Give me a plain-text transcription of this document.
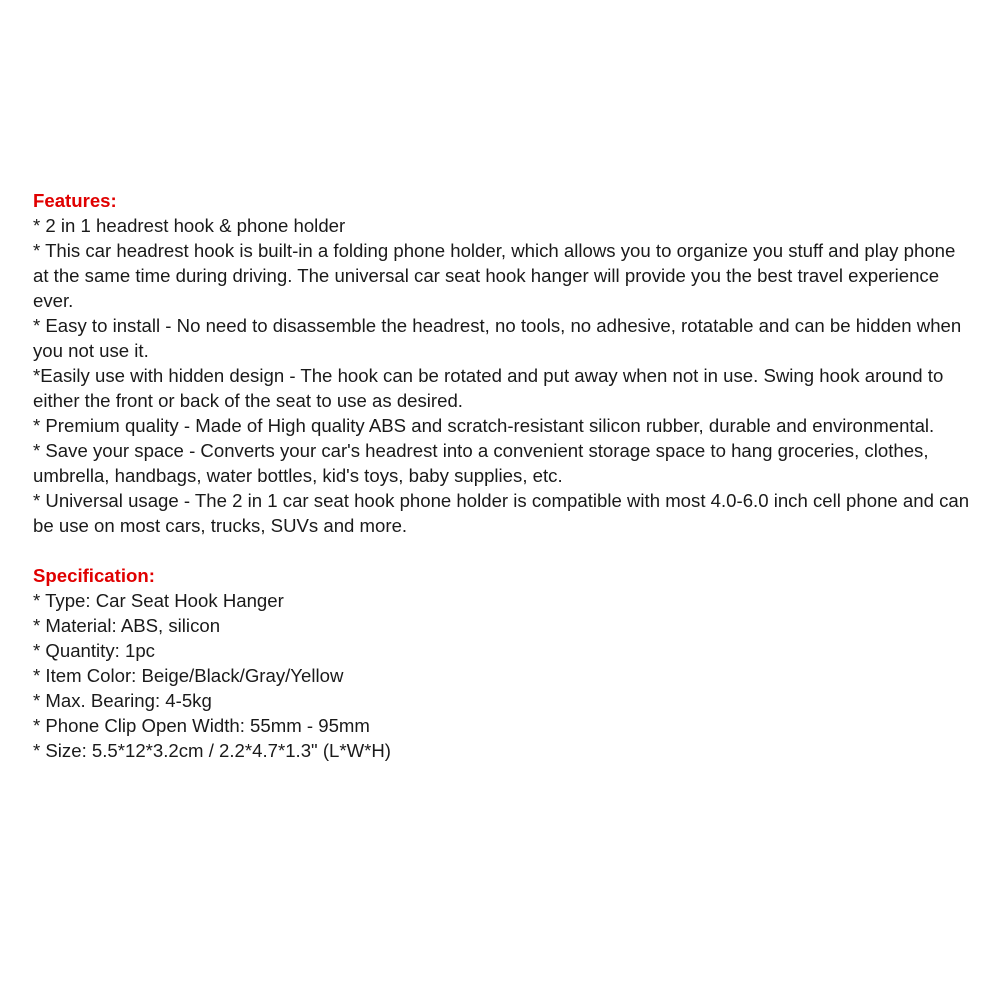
Features:

* 2 in 1 headrest hook & phone holder

* This car headrest hook is built-in a folding phone holder, which allows you to organize you stuff and play phone at the same time during driving. The universal car seat hook hanger will provide you the best travel experience ever.

* Easy to install - No need to disassemble the headrest, no tools, no adhesive, rotatable and can be hidden when you not use it.

*Easily use with hidden design - The hook can be rotated and put away when not in use. Swing hook around to either the front or back of the seat to use as desired.

* Premium quality - Made of High quality ABS and scratch-resistant silicon rubber, durable and environmental.

* Save your space - Converts your car's headrest into a convenient storage space to hang groceries, clothes, umbrella, handbags, water bottles, kid's toys, baby supplies, etc.

* Universal usage - The 2 in 1 car seat hook phone holder is compatible with most 4.0-6.0 inch cell phone and can be use on most cars, trucks, SUVs and more.

Specification:

* Type: Car Seat Hook Hanger

* Material: ABS, silicon

* Quantity: 1pc

* Item Color: Beige/Black/Gray/Yellow

* Max. Bearing: 4-5kg

* Phone Clip Open Width: 55mm - 95mm

* Size: 5.5*12*3.2cm / 2.2*4.7*1.3" (L*W*H)
